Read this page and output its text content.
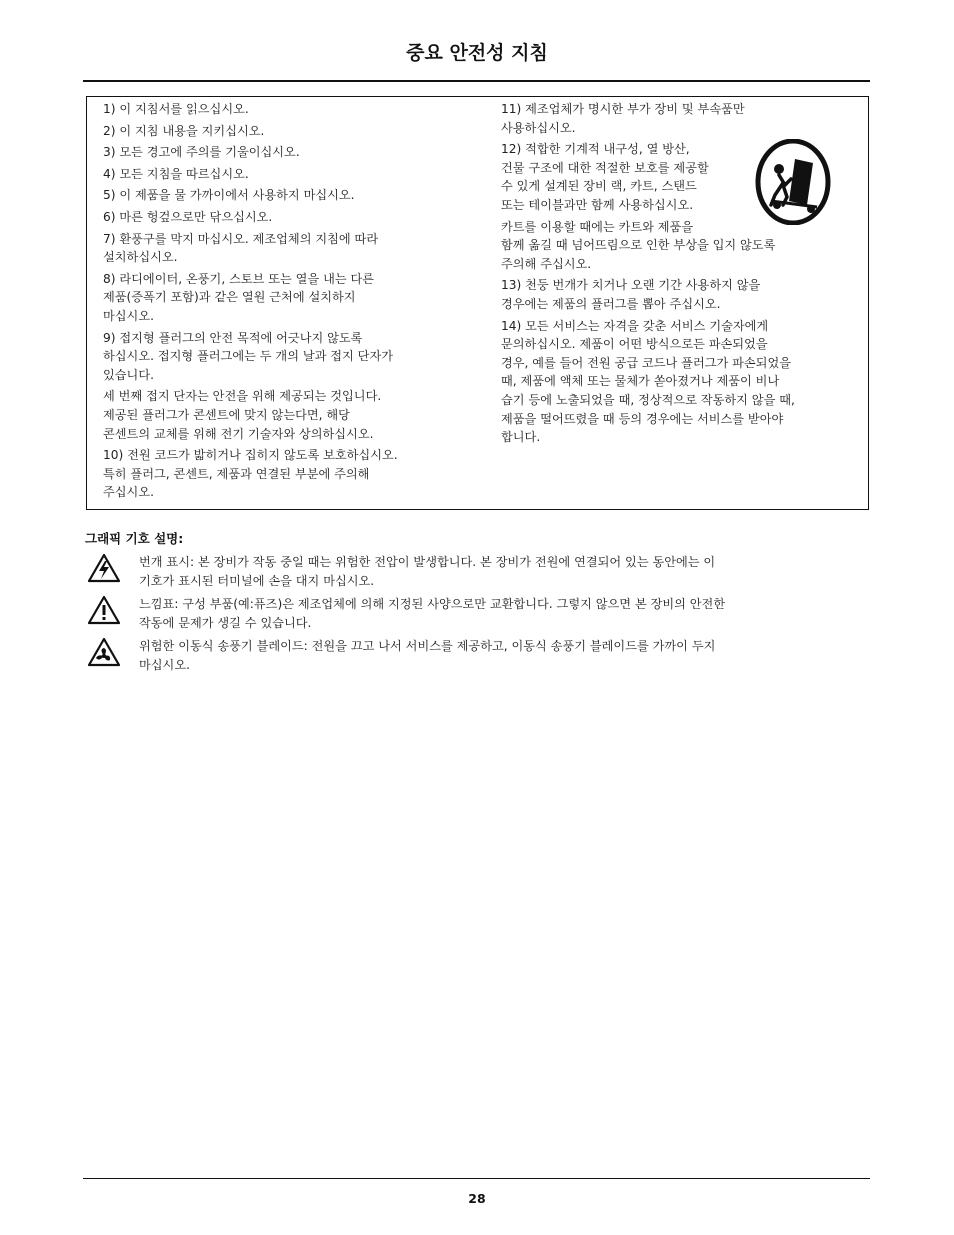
중요 안전성 지침
1) 이 지침서를 읽으십시오.
2) 이 지침 내용을 지키십시오.
3) 모든 경고에 주의를 기울이십시오.
4) 모든 지침을 따르십시오.
5) 이 제품을 물 가까이에서 사용하지 마십시오.
6) 마른 헝겊으로만 닦으십시오.
7) 환풍구를 막지 마십시오. 제조업체의 지침에 따라
설치하십시오.
8) 라디에이터, 온풍기, 스토브 또는 열을 내는 다른
제품(증폭기 포함)과 같은 열원 근처에 설치하지
마십시오.
9) 접지형 플러그의 안전 목적에 어긋나지 않도록
하십시오. 접지형 플러그에는 두 개의 날과 접지 단자가
있습니다.
세 번째 접지 단자는 안전을 위해 제공되는 것입니다.
제공된 플러그가 콘센트에 맞지 않는다면, 해당
콘센트의 교체를 위해 전기 기술자와 상의하십시오.
10) 전원 코드가 밟히거나 집히지 않도록 보호하십시오.
특히 플러그, 콘센트, 제품과 연결된 부분에 주의해
주십시오.
11) 제조업체가 명시한 부가 장비 및 부속품만
사용하십시오.
12) 적합한 기계적 내구성, 열 방산,
건물 구조에 대한 적절한 보호를 제공할
수 있게 설계된 장비 랙, 카트, 스탠드
또는 테이블과만 함께 사용하십시오.
카트를 이용할 때에는 카트와 제품을
함께 옮길 때 넘어뜨림으로 인한 부상을 입지 않도록
주의해 주십시오.
13) 천둥 번개가 치거나 오랜 기간 사용하지 않을
경우에는 제품의 플러그를 뽑아 주십시오.
14) 모든 서비스는 자격을 갖춘 서비스 기술자에게
문의하십시오. 제품이 어떤 방식으로든 파손되었을
경우, 예를 들어 전원 공급 코드나 플러그가 파손되었을
때, 제품에 액체 또는 물체가 쏟아졌거나 제품이 비나
습기 등에 노출되었을 때, 정상적으로 작동하지 않을 때,
제품을 떨어뜨렸을 때 등의 경우에는 서비스를 받아야
합니다.
그래픽 기호 설명:
번개 표시: 본 장비가 작동 중일 때는 위험한 전압이 발생합니다. 본 장비가 전원에 연결되어 있는 동안에는 이
기호가 표시된 터미널에 손을 대지 마십시오.
느낌표: 구성 부품(예:퓨즈)은 제조업체에 의해 지정된 사양으로만 교환합니다. 그렇지 않으면 본 장비의 안전한
작동에 문제가 생길 수 있습니다.
위험한 이동식 송풍기 블레이드: 전원을 끄고 나서 서비스를 제공하고, 이동식 송풍기 블레이드를 가까이 두지
마십시오.
28
